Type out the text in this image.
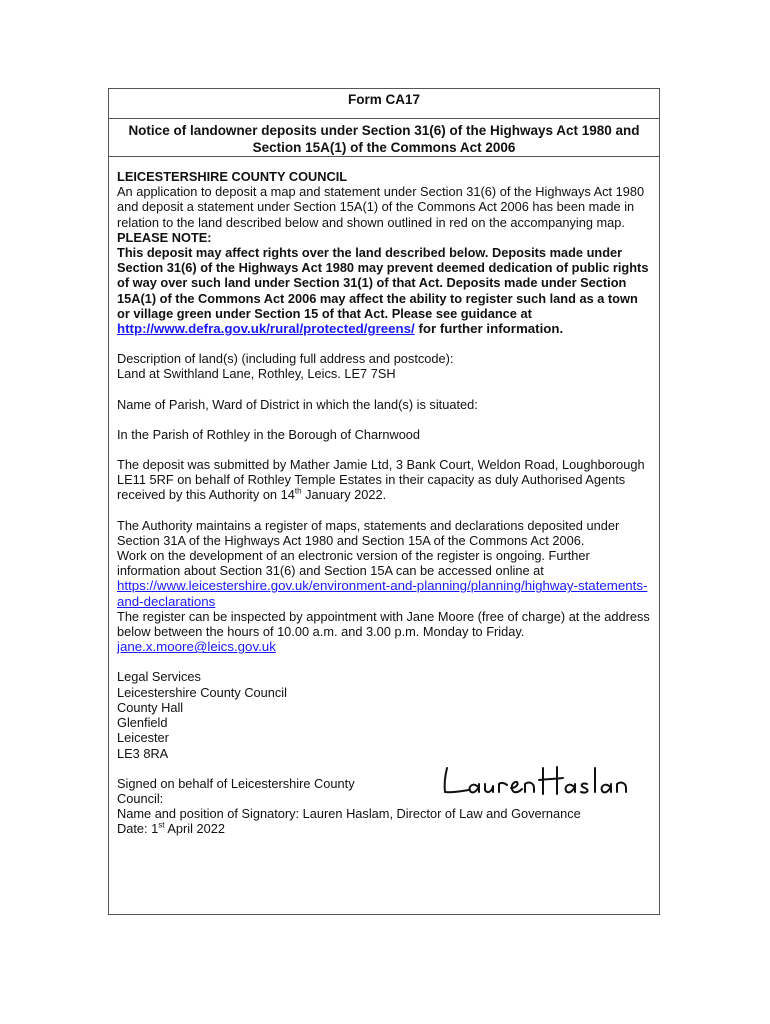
Form CA17
Notice of landowner deposits under Section 31(6) of the Highways Act 1980 and Section 15A(1) of the Commons Act 2006

LEICESTERSHIRE COUNTY COUNCIL

An application to deposit a map and statement under Section 31(6) of the Highways Act 1980 and deposit a statement under Section 15A(1) of the Commons Act 2006 has been made in relation to the land described below and shown outlined in red on the accompanying map.

PLEASE NOTE:

This deposit may affect rights over the land described below. Deposits made under Section 31(6) of the Highways Act 1980 may prevent deemed dedication of public rights of way over such land under Section 31(1) of that Act. Deposits made under Section 15A(1) of the Commons Act 2006 may affect the ability to register such land as a town or village green under Section 15 of that Act. Please see guidance at

http://www.defra.gov.uk/rural/protected/greens/ for further information.

Description of land(s) (including full address and postcode):

Land at Swithland Lane, Rothley, Leics. LE7 7SH

Name of Parish, Ward of District in which the land(s) is situated:

In the Parish of Rothley in the Borough of Charnwood

The deposit was submitted by Mather Jamie Ltd, 3 Bank Court, Weldon Road, Loughborough LE11 5RF on behalf of Rothley Temple Estates in their capacity as duly Authorised Agents received by this Authority on 14th January 2022.

The Authority maintains a register of maps, statements and declarations deposited under Section 31A of the Highways Act 1980 and Section 15A of the Commons Act 2006.

Work on the development of an electronic version of the register is ongoing. Further information about Section 31(6) and Section 15A can be accessed online at

https://www.leicestershire.gov.uk/environment-and-planning/planning/highway-statements-and-declarations

The register can be inspected by appointment with Jane Moore (free of charge) at the address below between the hours of 10.00 a.m. and 3.00 p.m. Monday to Friday.

jane.x.moore@leics.gov.uk

Legal Services

Leicestershire County Council

County Hall

Glenfield

Leicester

LE3 8RA

Signed on behalf of Leicestershire County Council:

Name and position of Signatory: Lauren Haslam, Director of Law and Governance

Date: 1st April 2022
